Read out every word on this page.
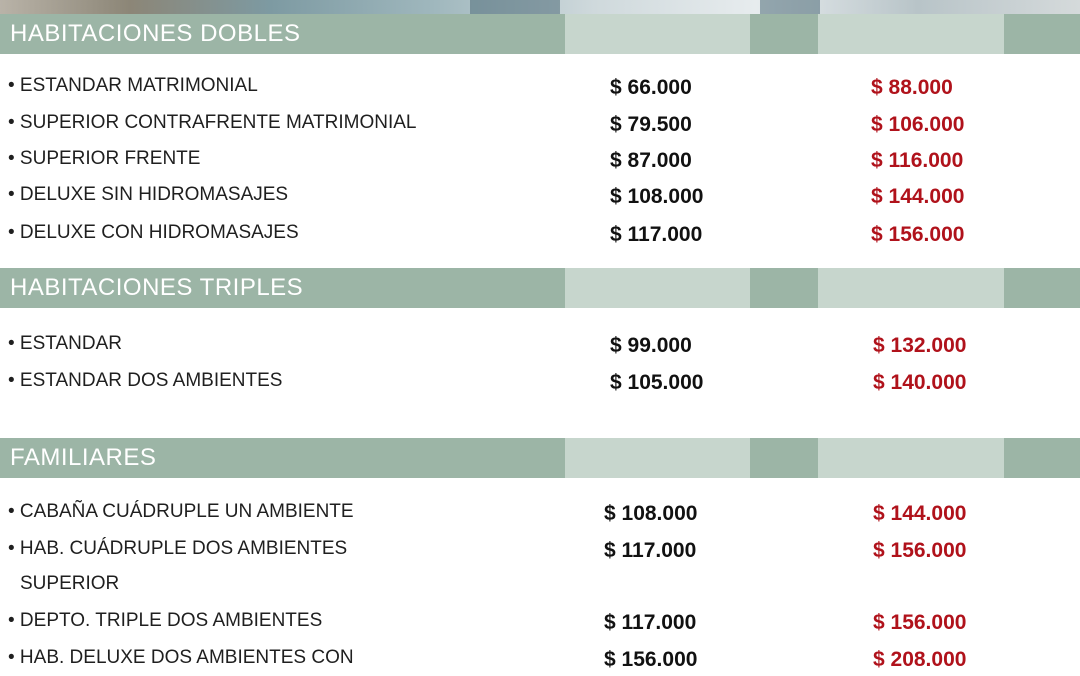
HABITACIONES DOBLES
• ESTANDAR MATRIMONIAL	$ 66.000	$ 88.000
• SUPERIOR CONTRAFRENTE MATRIMONIAL	$ 79.500	$ 106.000
• SUPERIOR FRENTE	$ 87.000	$ 116.000
• DELUXE SIN HIDROMASAJES	$ 108.000	$ 144.000
• DELUXE CON HIDROMASAJES	$ 117.000	$ 156.000
HABITACIONES TRIPLES
• ESTANDAR	$ 99.000	$ 132.000
• ESTANDAR DOS AMBIENTES	$ 105.000	$ 140.000
FAMILIARES
• CABAÑA CUÁDRUPLE UN AMBIENTE	$ 108.000	$ 144.000
• HAB. CUÁDRUPLE DOS AMBIENTES	$ 117.000	$ 156.000
SUPERIOR
• DEPTO. TRIPLE DOS AMBIENTES	$ 117.000	$ 156.000
• HAB. DELUXE DOS AMBIENTES CON	$ 156.000	$ 208.000
